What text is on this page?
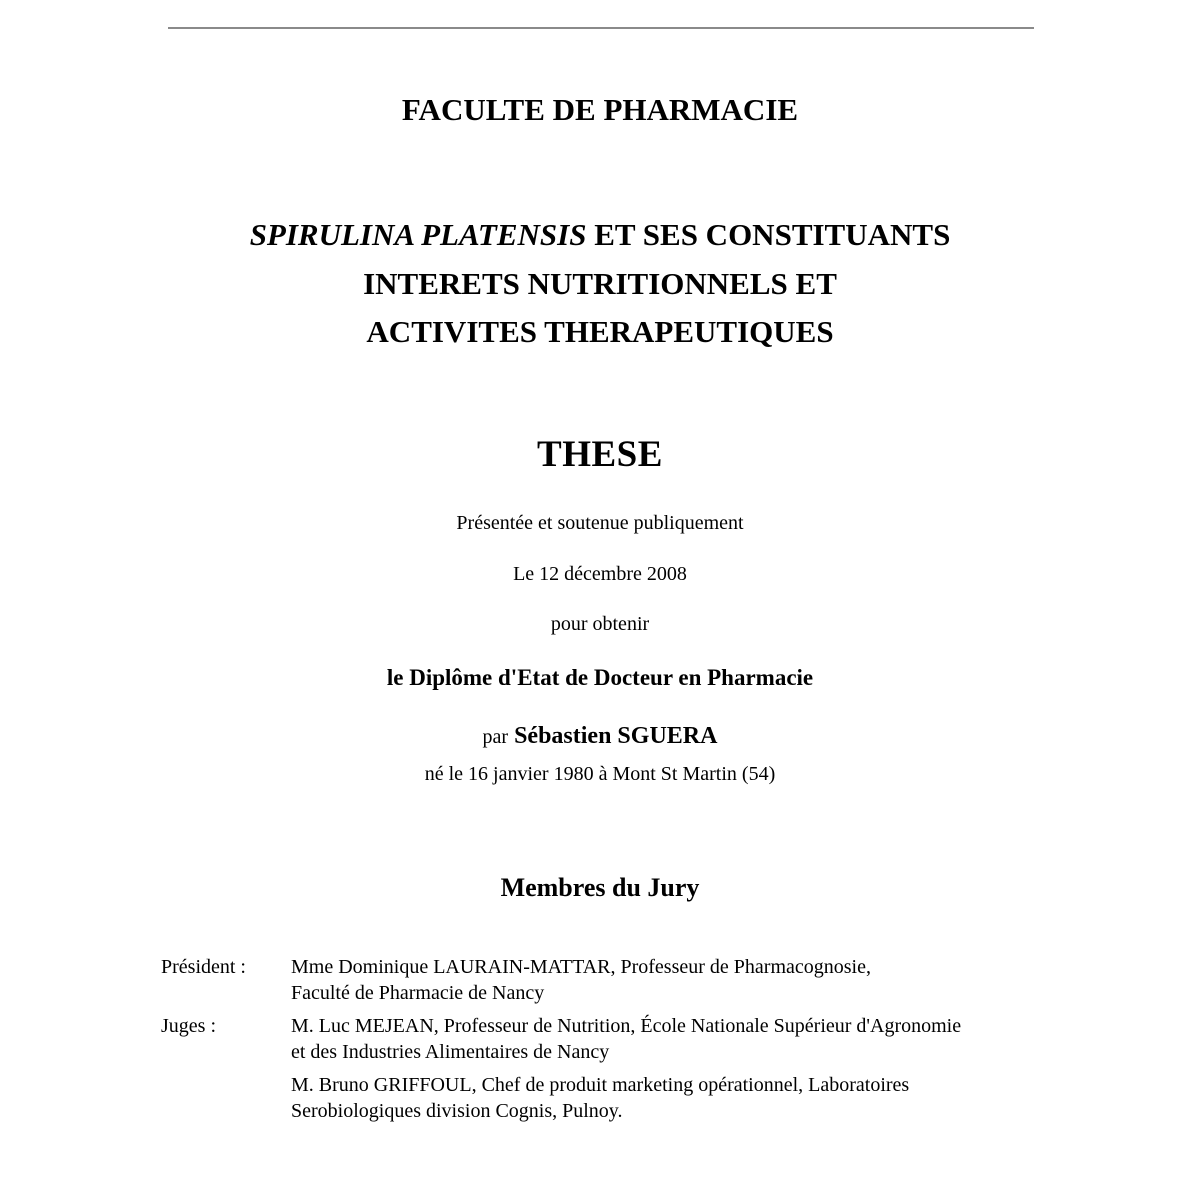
FACULTE DE PHARMACIE
SPIRULINA PLATENSIS ET SES CONSTITUANTS
INTERETS NUTRITIONNELS ET
ACTIVITES THERAPEUTIQUES
THESE
Présentée et soutenue publiquement
Le 12 décembre 2008
pour obtenir
le Diplôme d'Etat de Docteur en Pharmacie
par Sébastien SGUERA
né le 16 janvier 1980 à Mont St Martin (54)
Membres du Jury
Président :	Mme Dominique LAURAIN-MATTAR, Professeur de Pharmacognosie,
Faculté de Pharmacie de Nancy
Juges :	M. Luc MEJEAN, Professeur de Nutrition, École Nationale Supérieur d'Agronomie
et des Industries Alimentaires de Nancy
M. Bruno GRIFFOUL, Chef de produit marketing opérationnel, Laboratoires
Serobiologiques division Cognis, Pulnoy.
